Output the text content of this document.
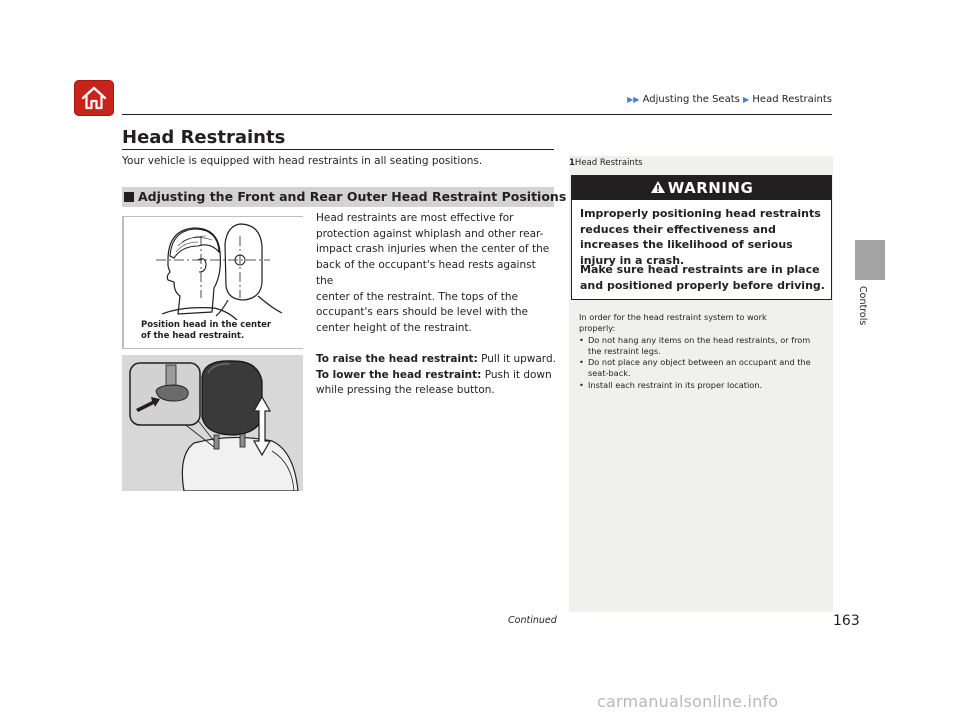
▶▶ Adjusting the Seats ▶ Head Restraints
Head Restraints
Your vehicle is equipped with head restraints in all seating positions.
Adjusting the Front and Rear Outer Head Restraint Positions
Position head in the center
of the head restraint.
Head restraints are most effective for
protection against whiplash and other rear-
impact crash injuries when the center of the
back of the occupant's head rests against the
center of the restraint. The tops of the
occupant's ears should be level with the
center height of the restraint.
To raise the head restraint: Pull it upward.
To lower the head restraint: Push it down
while pressing the release button.
1Head Restraints
WARNING
Improperly positioning head restraints reduces their effectiveness and increases the likelihood of serious injury in a crash.
Make sure head restraints are in place and positioned properly before driving.
In order for the head restraint system to work
properly:
• Do not hang any items on the head restraints, or from the restraint legs.
• Do not place any object between an occupant and the seat-back.
• Install each restraint in its proper location.
Controls
Continued	163
carmanualsonline.info
